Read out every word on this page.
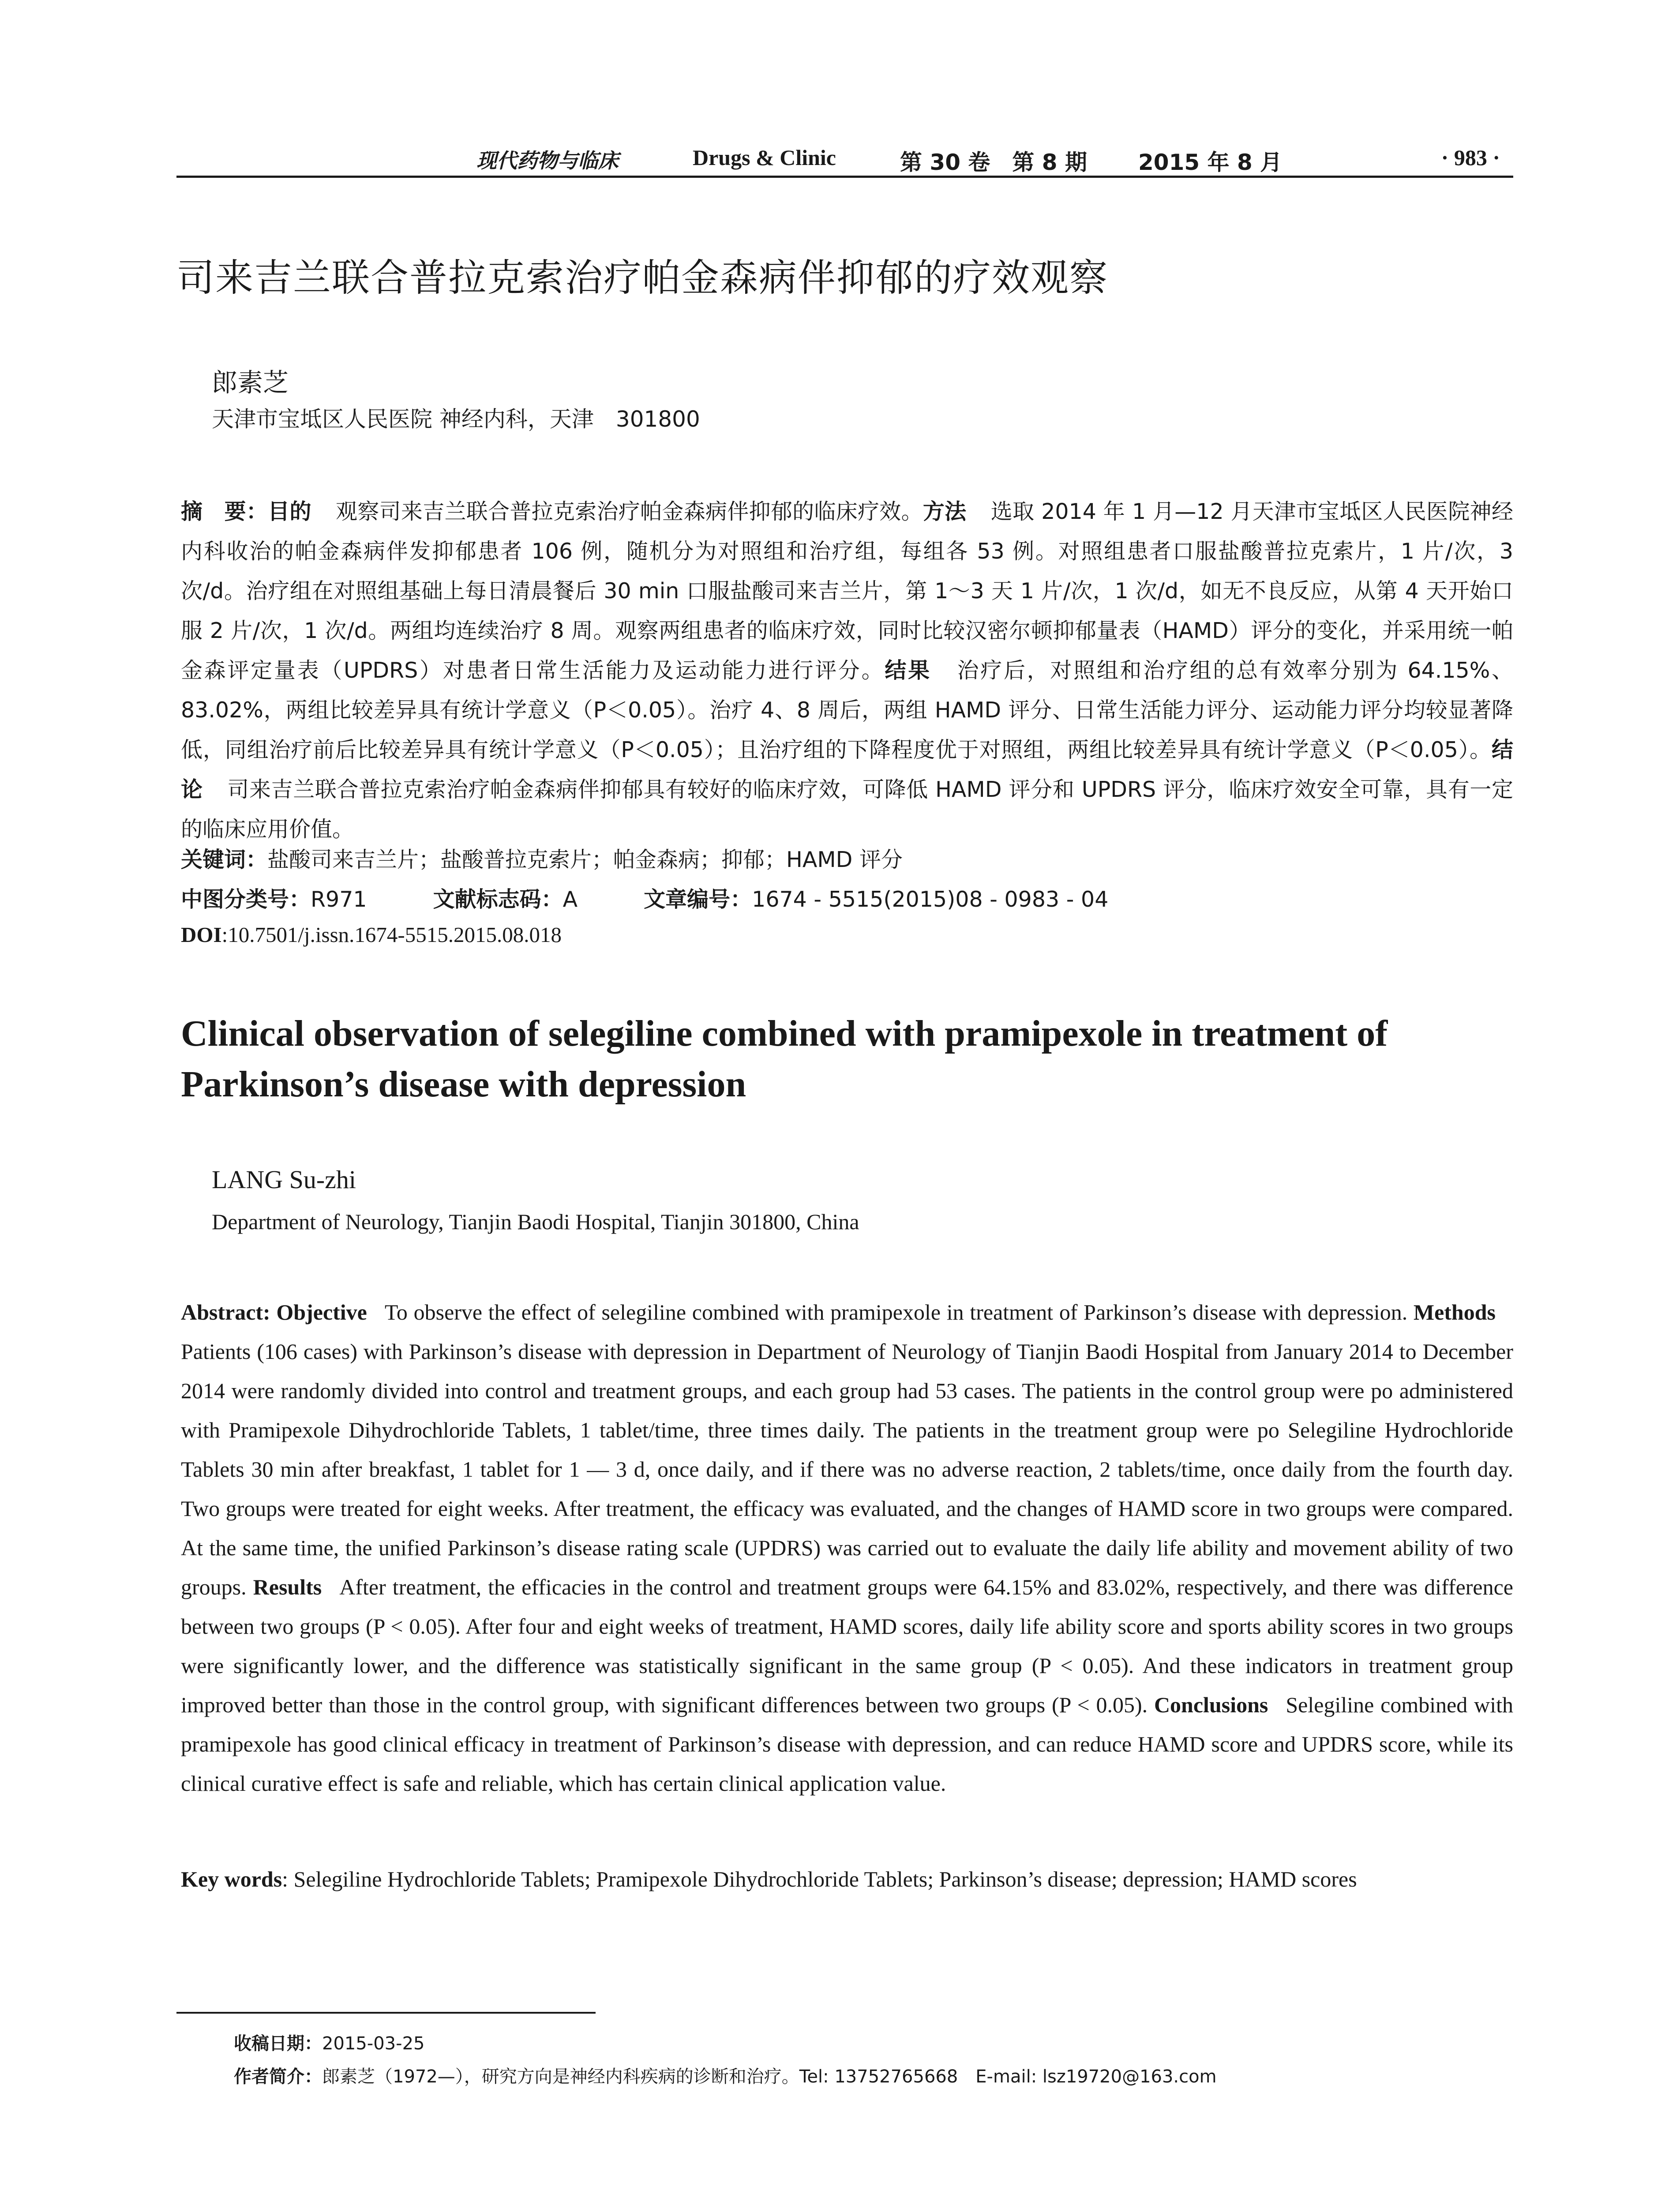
现代药物与临床	Drugs & Clinic	第 30 卷　第 8 期 2015 年 8 月	· 983 ·
司来吉兰联合普拉克索治疗帕金森病伴抑郁的疗效观察
郎素芝
天津市宝坻区人民医院 神经内科，天津　301800
摘　要：目的 观察司来吉兰联合普拉克索治疗帕金森病伴抑郁的临床疗效。方法 选取 2014 年 1 月—12 月天津市宝坻区人民医院神经内科收治的帕金森病伴发抑郁患者 106 例，随机分为对照组和治疗组，每组各 53 例。对照组患者口服盐酸普拉克索片，1 片/次，3 次/d。治疗组在对照组基础上每日清晨餐后 30 min 口服盐酸司来吉兰片，第 1～3 天 1 片/次，1 次/d，如无不良反应，从第 4 天开始口服 2 片/次，1 次/d。两组均连续治疗 8 周。观察两组患者的临床疗效，同时比较汉密尔顿抑郁量表（HAMD）评分的变化，并采用统一帕金森评定量表（UPDRS）对患者日常生活能力及运动能力进行评分。结果 治疗后，对照组和治疗组的总有效率分别为 64.15%、83.02%，两组比较差异具有统计学意义（P＜0.05）。治疗 4、8 周后，两组 HAMD 评分、日常生活能力评分、运动能力评分均较显著降低，同组治疗前后比较差异具有统计学意义（P＜0.05）；且治疗组的下降程度优于对照组，两组比较差异具有统计学意义（P＜0.05）。结论 司来吉兰联合普拉克索治疗帕金森病伴抑郁具有较好的临床疗效，可降低 HAMD 评分和 UPDRS 评分，临床疗效安全可靠，具有一定的临床应用价值。
关键词：盐酸司来吉兰片；盐酸普拉克索片；帕金森病；抑郁；HAMD 评分
中图分类号：R971	文献标志码：A	文章编号：1674 - 5515(2015)08 - 0983 - 04
DOI:10.7501/j.issn.1674-5515.2015.08.018
Clinical observation of selegiline combined with pramipexole in treatment of Parkinson’s disease with depression
LANG Su-zhi
Department of Neurology, Tianjin Baodi Hospital, Tianjin 301800, China
Abstract: Objective To observe the effect of selegiline combined with pramipexole in treatment of Parkinson’s disease with depression. MethodsPatients (106 cases) with Parkinson’s disease with depression in Department of Neurology of Tianjin Baodi Hospital from January 2014 to December 2014 were randomly divided into control and treatment groups, and each group had 53 cases. The patients in the control group were po administered with Pramipexole Dihydrochloride Tablets, 1 tablet/time, three times daily. The patients in the treatment group were po Selegiline Hydrochloride Tablets 30 min after breakfast, 1 tablet for 1 — 3 d, once daily, and if there was no adverse reaction, 2 tablets/time, once daily from the fourth day. Two groups were treated for eight weeks. After treatment, the efficacy was evaluated, and the changes of HAMD score in two groups were compared. At the same time, the unified Parkinson’s disease rating scale (UPDRS) was carried out to evaluate the daily life ability and movement ability of two groups. Results After treatment, the efficacies in the control and treatment groups were 64.15% and 83.02%, respectively, and there was difference between two groups (P < 0.05). After four and eight weeks of treatment, HAMD scores, daily life ability score and sports ability scores in two groups were significantly lower, and the difference was statistically significant in the same group (P < 0.05). And these indicators in treatment group improved better than those in the control group, with significant differences between two groups (P < 0.05). Conclusions Selegiline combined with pramipexole has good clinical efficacy in treatment of Parkinson’s disease with depression, and can reduce HAMD score and UPDRS score, while its clinical curative effect is safe and reliable, which has certain clinical application value.
Key words: Selegiline Hydrochloride Tablets; Pramipexole Dihydrochloride Tablets; Parkinson’s disease; depression; HAMD scores
收稿日期：2015-03-25
作者简介：郎素芝（1972—），研究方向是神经内科疾病的诊断和治疗。Tel: 13752765668　E-mail: lsz19720@163.com
